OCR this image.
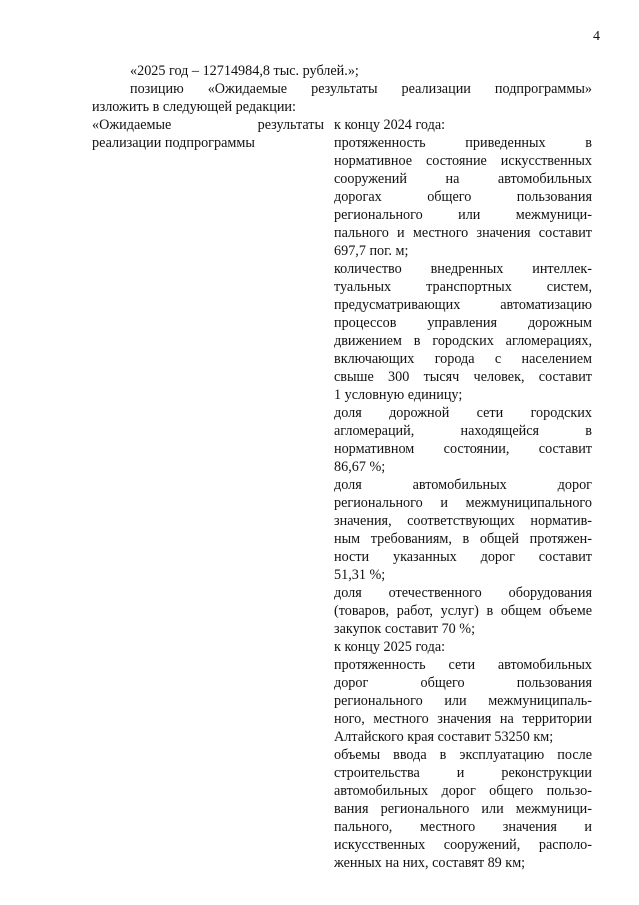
4

«2025 год – 12714984,8 тыс. рублей.»;

позицию «Ожидаемые результаты реализации подпрограммы»

изложить в следующей редакции:

«Ожидаемые результаты

реализации подпрограммы

к концу 2024 года:
протяженность приведенных в
нормативное состояние искусственных
сооружений на автомобильных
дорогах общего пользования
регионального или межмуници-
пального и местного значения составит
697,7 пог. м;
количество внедренных интеллек-
туальных транспортных систем,
предусматривающих автоматизацию
процессов управления дорожным
движением в городских агломерациях,
включающих города с населением
свыше 300 тысяч человек, составит
1 условную единицу;
доля дорожной сети городских
агломераций, находящейся в
нормативном состоянии, составит
86,67 %;
доля автомобильных дорог
регионального и межмуниципального
значения, соответствующих норматив-
ным требованиям, в общей протяжен-
ности указанных дорог составит
51,31 %;
доля отечественного оборудования
(товаров, работ, услуг) в общем объеме
закупок составит 70 %;
к концу 2025 года:
протяженность сети автомобильных
дорог общего пользования
регионального или межмуниципаль-
ного, местного значения на территории
Алтайского края составит 53250 км;
объемы ввода в эксплуатацию после
строительства и реконструкции
автомобильных дорог общего пользо-
вания регионального или межмуници-
пального, местного значения и
искусственных сооружений, располо-
женных на них, составят 89 км;
